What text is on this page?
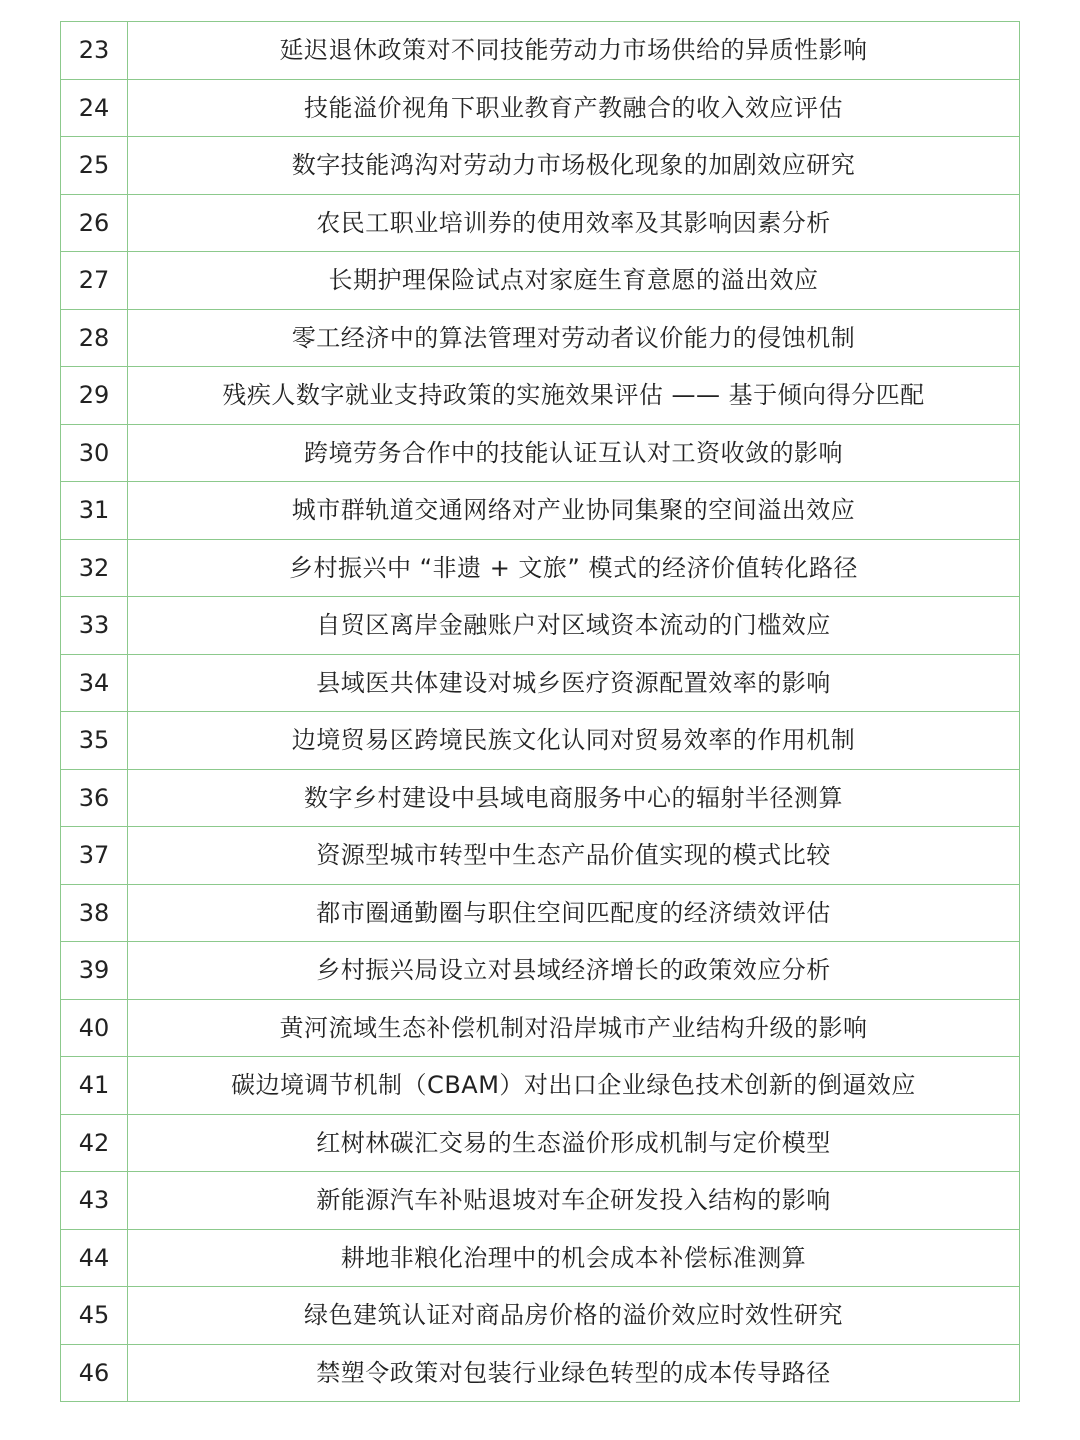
23	延迟退休政策对不同技能劳动力市场供给的异质性影响
24	技能溢价视角下职业教育产教融合的收入效应评估
25	数字技能鸿沟对劳动力市场极化现象的加剧效应研究
26	农民工职业培训券的使用效率及其影响因素分析
27	长期护理保险试点对家庭生育意愿的溢出效应
28	零工经济中的算法管理对劳动者议价能力的侵蚀机制
29	残疾人数字就业支持政策的实施效果评估 —— 基于倾向得分匹配
30	跨境劳务合作中的技能认证互认对工资收敛的影响
31	城市群轨道交通网络对产业协同集聚的空间溢出效应
32	乡村振兴中 “非遗 + 文旅” 模式的经济价值转化路径
33	自贸区离岸金融账户对区域资本流动的门槛效应
34	县域医共体建设对城乡医疗资源配置效率的影响
35	边境贸易区跨境民族文化认同对贸易效率的作用机制
36	数字乡村建设中县域电商服务中心的辐射半径测算
37	资源型城市转型中生态产品价值实现的模式比较
38	都市圈通勤圈与职住空间匹配度的经济绩效评估
39	乡村振兴局设立对县域经济增长的政策效应分析
40	黄河流域生态补偿机制对沿岸城市产业结构升级的影响
41	碳边境调节机制（CBAM）对出口企业绿色技术创新的倒逼效应
42	红树林碳汇交易的生态溢价形成机制与定价模型
43	新能源汽车补贴退坡对车企研发投入结构的影响
44	耕地非粮化治理中的机会成本补偿标准测算
45	绿色建筑认证对商品房价格的溢价效应时效性研究
46	禁塑令政策对包装行业绿色转型的成本传导路径
